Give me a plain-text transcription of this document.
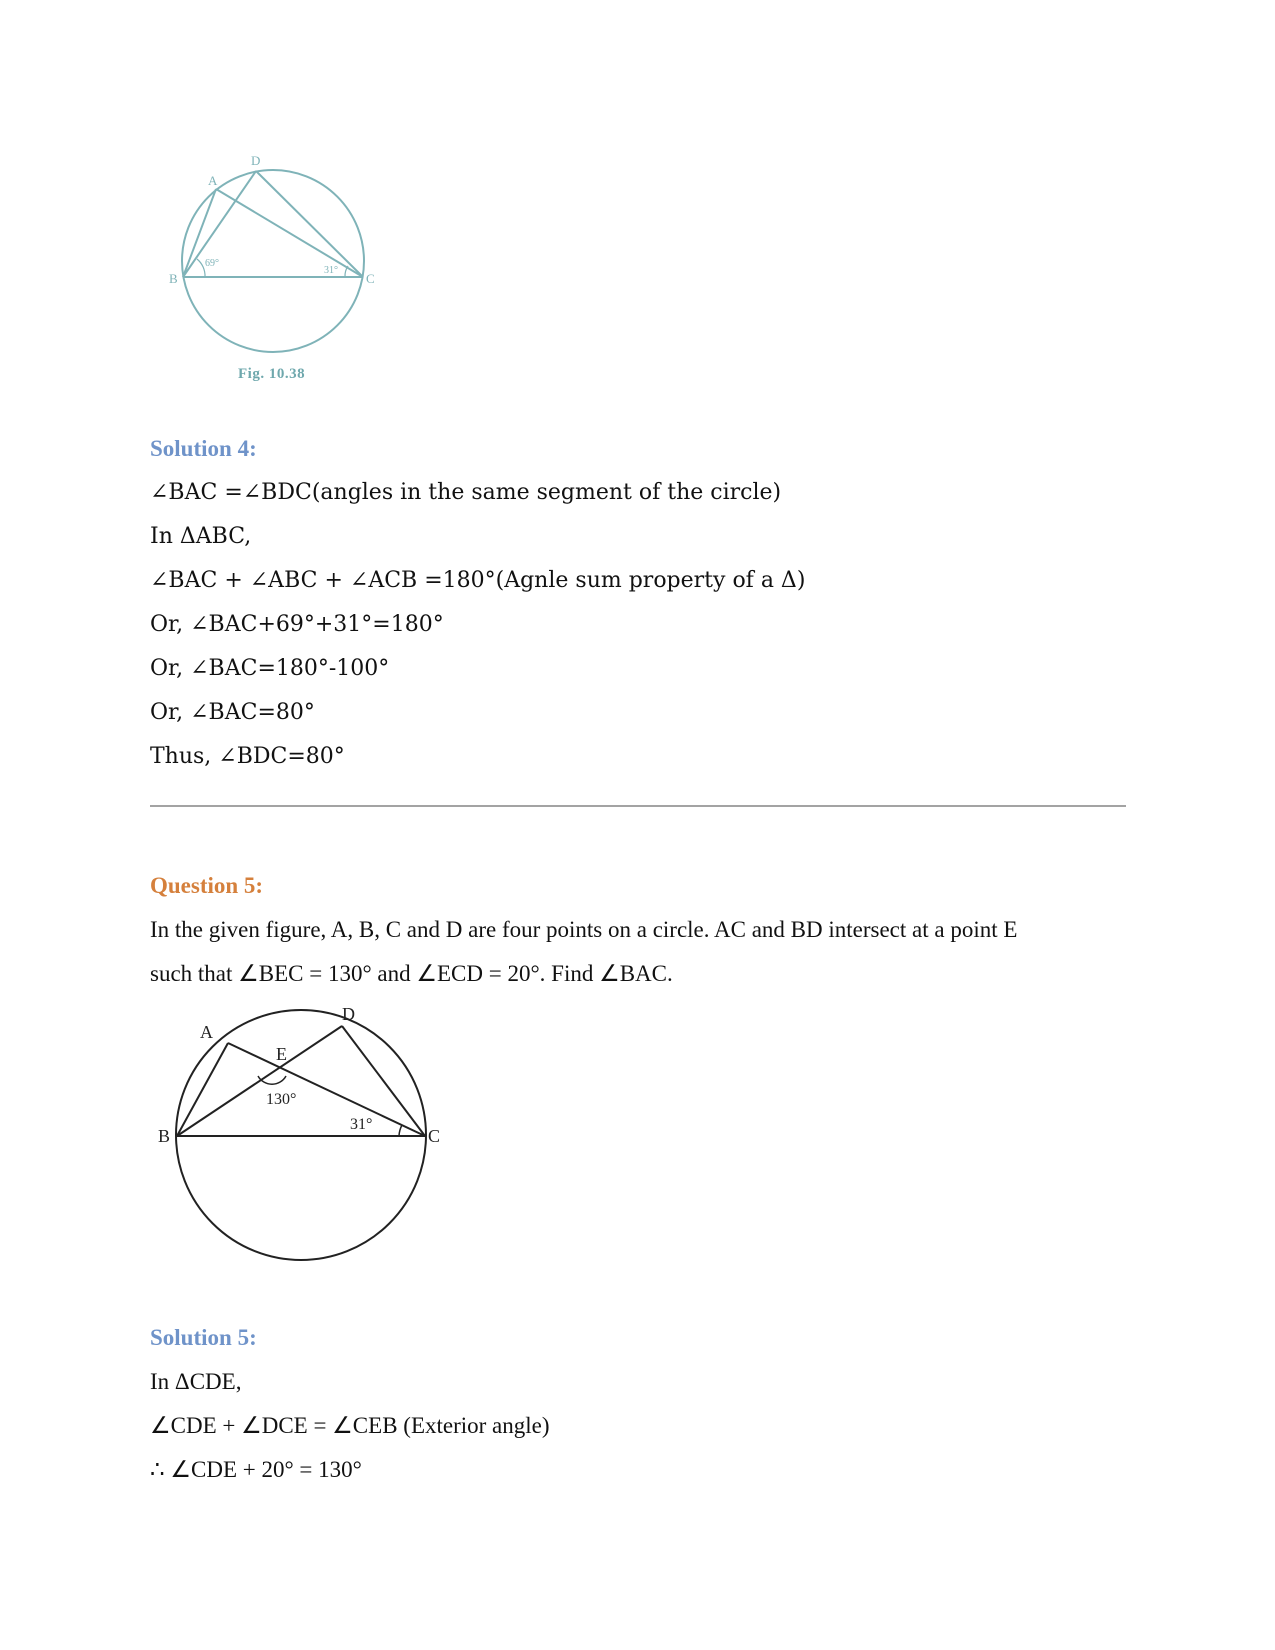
A
B	C
D
69°
31°
Fig. 10.38
Solution 4:
∠BAC =∠BDC(angles in the same segment of the circle)
In ΔABC,
∠BAC + ∠ABC + ∠ACB =180°(Agnle sum property of a Δ)
Or, ∠BAC+69°+31°=180°
Or, ∠BAC=180°-100°
Or, ∠BAC=80°
Thus, ∠BDC=80°
Question 5:
In the given figure, A, B, C and D are four points on a circle. AC and BD intersect at a point E
such that ∠BEC = 130° and ∠ECD = 20°. Find ∠BAC.
A
B	C
D
E
130°
31°
Solution 5:
In ΔCDE,
∠CDE + ∠DCE = ∠CEB (Exterior angle)
∴ ∠CDE + 20° = 130°
